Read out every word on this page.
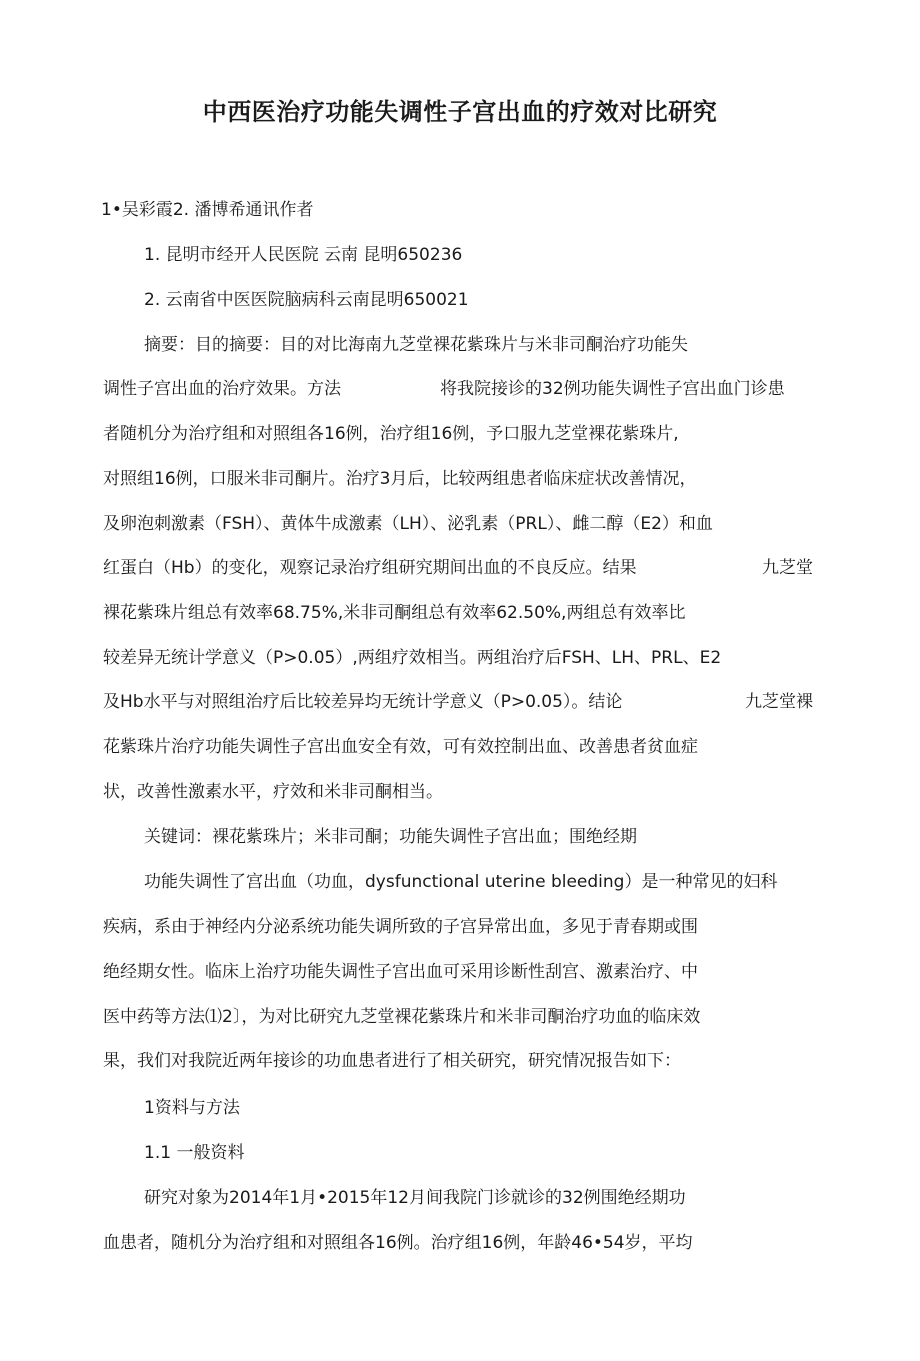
中西医治疗功能失调性子宫出血的疗效对比研究
1•吴彩霞2. 潘博希通讯作者
1. 昆明市经开人民医院 云南 昆明650236
2. 云南省中医医院脑病科云南昆明650021
摘要：目的摘要：目的对比海南九芝堂裸花紫珠片与米非司酮治疗功能失
调性子宫出血的治疗效果。方法	将我院接诊的32例功能失调性子宫出血门诊患
者随机分为治疗组和对照组各16例，治疗组16例，予口服九芝堂裸花紫珠片,
对照组16例，口服米非司酮片。治疗3月后，比较两组患者临床症状改善情况，
及卵泡刺激素（FSH）、黄体牛成激素（LH）、泌乳素（PRL）、雌二醇（E2）和血
红蛋白（Hb）的变化，观察记录治疗组研究期间出血的不良反应。结果	九芝堂
裸花紫珠片组总有效率68.75%,米非司酮组总有效率62.50%,两组总有效率比
较差异无统计学意义（P>0.05）,两组疗效相当。两组治疗后FSH、LH、PRL、E2
及Hb水平与对照组治疗后比较差异均无统计学意义（P>0.05）。结论	九芝堂裸
花紫珠片治疗功能失调性子宫出血安全有效，可有效控制出血、改善患者贫血症
状，改善性激素水平，疗效和米非司酮相当。
关键词：裸花紫珠片；米非司酮；功能失调性子宫出血；围绝经期
功能失调性了宫出血（功血，dysfunctional uterine bleeding）是一种常见的妇科
疾病，系由于神经内分泌系统功能失调所致的子宫异常出血，多见于青春期或围
绝经期女性。临床上治疗功能失调性子宫出血可采用诊断性刮宫、激素治疗、中
医中药等方法⑴2〕，为对比研究九芝堂裸花紫珠片和米非司酮治疗功血的临床效
果，我们对我院近两年接诊的功血患者进行了相关研究，研究情况报告如下：
1资料与方法
1.1 一般资料
研究对象为2014年1月•2015年12月间我院门诊就诊的32例围绝经期功
血患者，随机分为治疗组和对照组各16例。治疗组16例，年龄46•54岁，平均
